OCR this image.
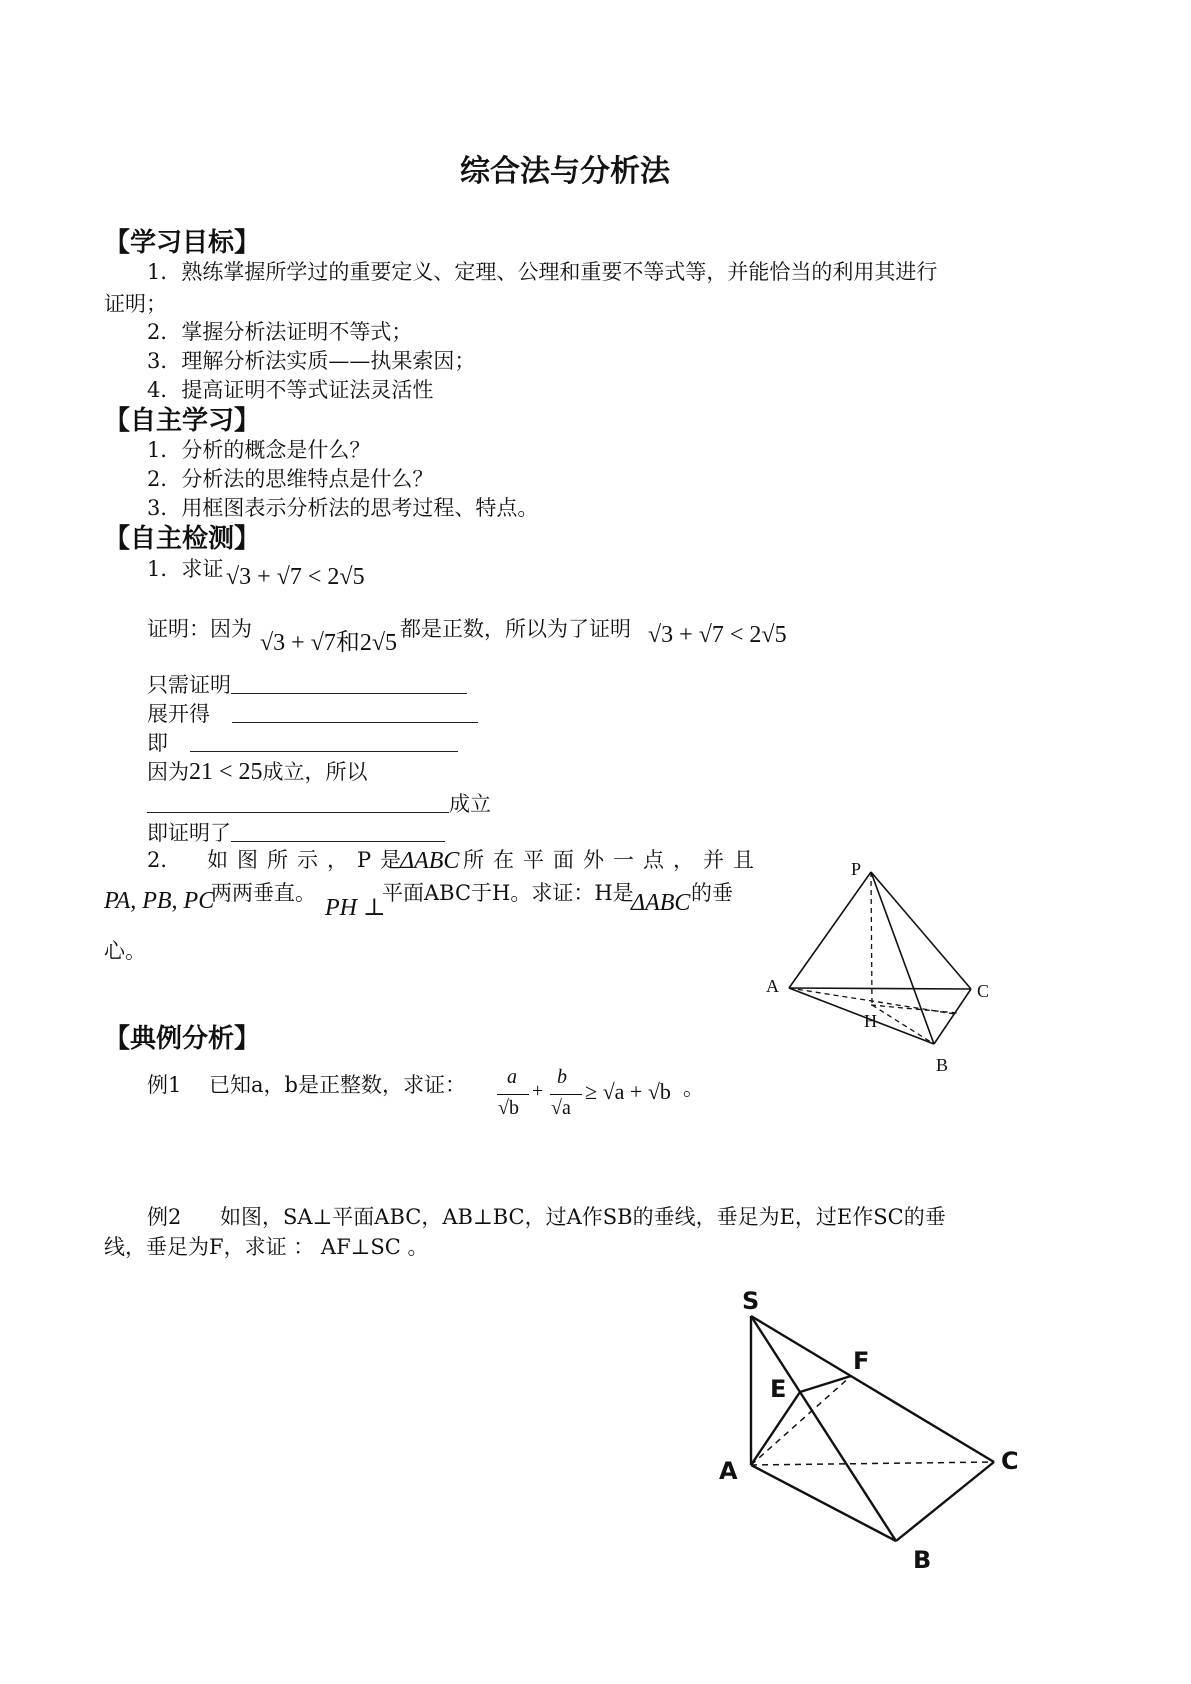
综合法与分析法
【学习目标】
1．熟练掌握所学过的重要定义、定理、公理和重要不等式等，并能恰当的利用其进行
证明；
2．掌握分析法证明不等式；
3．理解分析法实质——执果索因；
4．提高证明不等式证法灵活性
【自主学习】
1．分析的概念是什么？
2．分析法的思维特点是什么？
3．用框图表示分析法的思考过程、特点。
【自主检测】
1．求证 √3 + √7 < 2√5
证明：因为
√3 + √7和2√5
都是正数，所以为了证明 √3 + √7 < 2√5
只需证明
展开得
即
因为21 < 25成立，所以
成立
即证明了
2． 如图所示，P是
ΔABC 所在平面外一点，并且
PA, PB, PC
两两垂直。
PH ⊥
平面ABC于H。求证：H是
ΔABC 的垂
心。
P
A	C
H
B
【典例分析】
例1 已知a，b是正整数，求证： a
√b
+
b
√a
≥ √a + √b 。
例2 如图，SA⊥平面ABC，AB⊥BC，过A作SB的垂线，垂足为E，过E作SC的垂
线，垂足为F，求证 ： AF⊥SC 。
S
F
E
A	C
B
